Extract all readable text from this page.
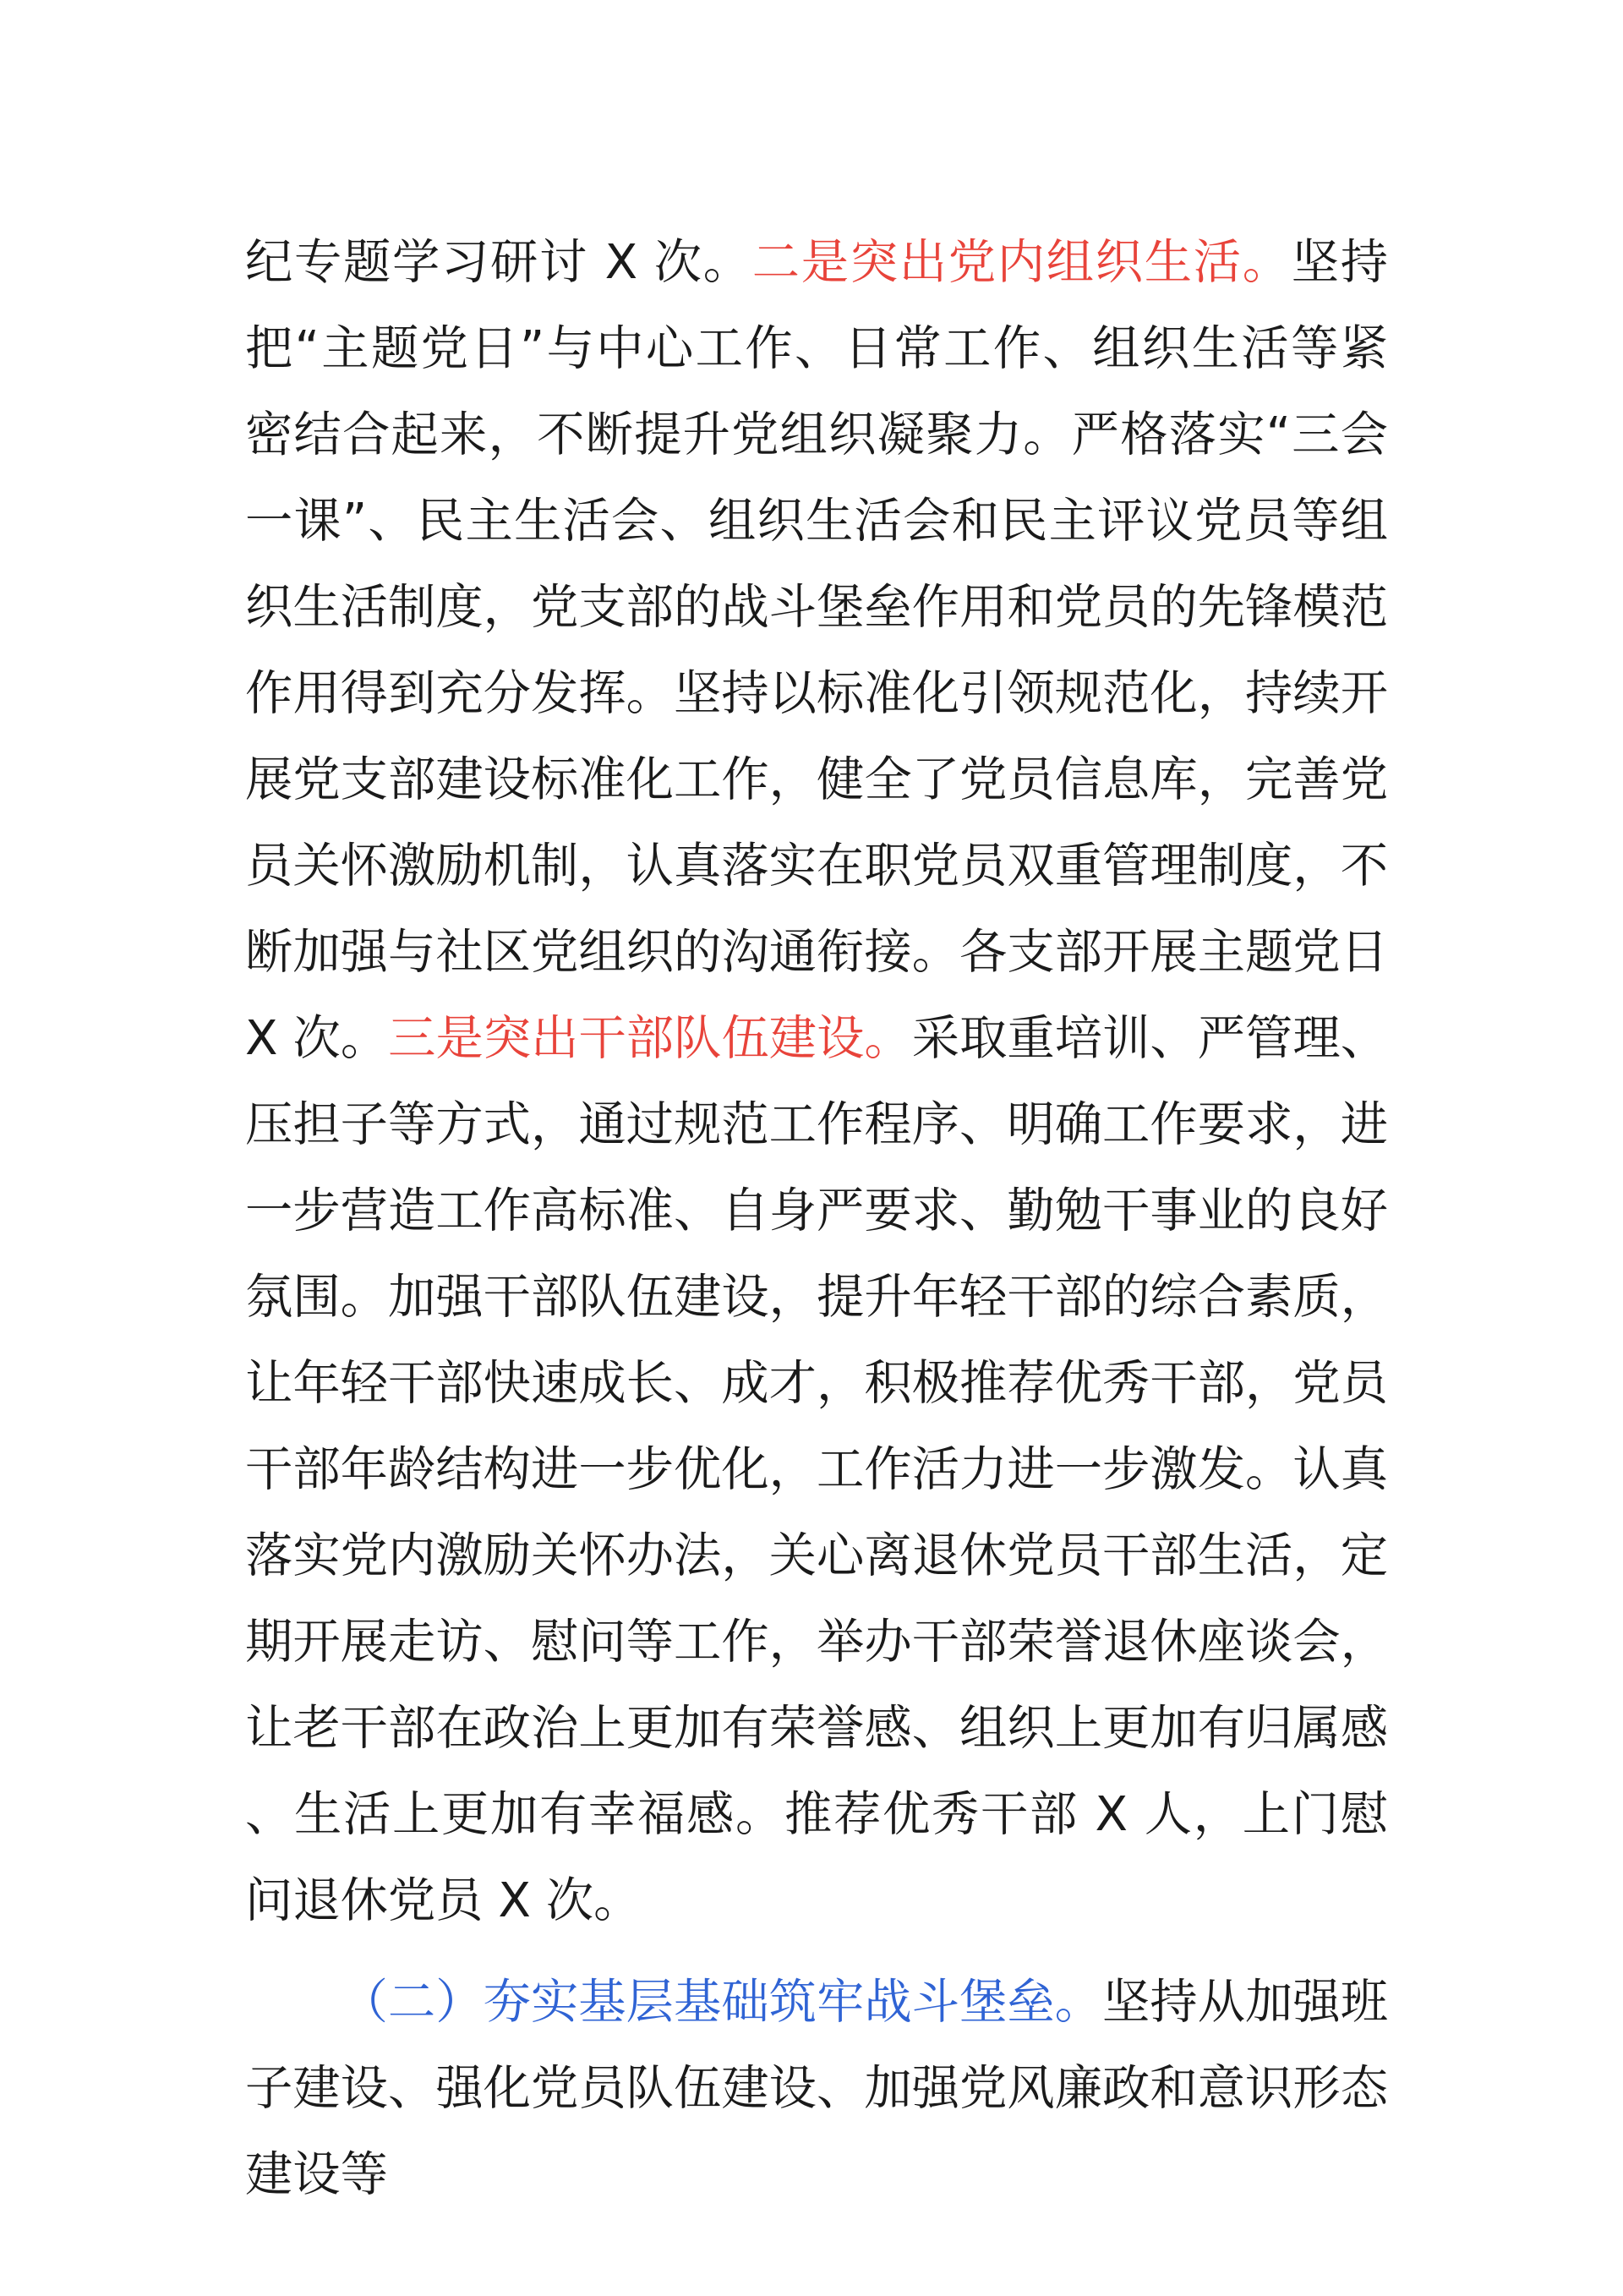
纪专题学习研讨 X 次。二是突出党内组织生活。坚持把“主题党日”与中心工作、日常工作、组织生活等紧密结合起来，不断提升党组织凝聚力。严格落实“三会一课”、民主生活会、组织生活会和民主评议党员等组织生活制度，党支部的战斗堡垒作用和党员的先锋模范作用得到充分发挥。坚持以标准化引领规范化，持续开展党支部建设标准化工作，健全了党员信息库，完善党员关怀激励机制，认真落实在职党员双重管理制度，不断加强与社区党组织的沟通衔接。各支部开展主题党日 X 次。三是突出干部队伍建设。采取重培训、严管理、压担子等方式，通过规范工作程序、明确工作要求，进一步营造工作高标准、自身严要求、勤勉干事业的良好氛围。加强干部队伍建设，提升年轻干部的综合素质，让年轻干部快速成长、成才，积极推荐优秀干部，党员干部年龄结构进一步优化，工作活力进一步激发。认真落实党内激励关怀办法，关心离退休党员干部生活，定期开展走访、慰问等工作，举办干部荣誉退休座谈会，让老干部在政治上更加有荣誉感、组织上更加有归属感、生活上更加有幸福感。推荐优秀干部 X 人，上门慰问退休党员 X 次。

（二）夯实基层基础筑牢战斗堡垒。坚持从加强班子建设、强化党员队伍建设、加强党风廉政和意识形态建设等
